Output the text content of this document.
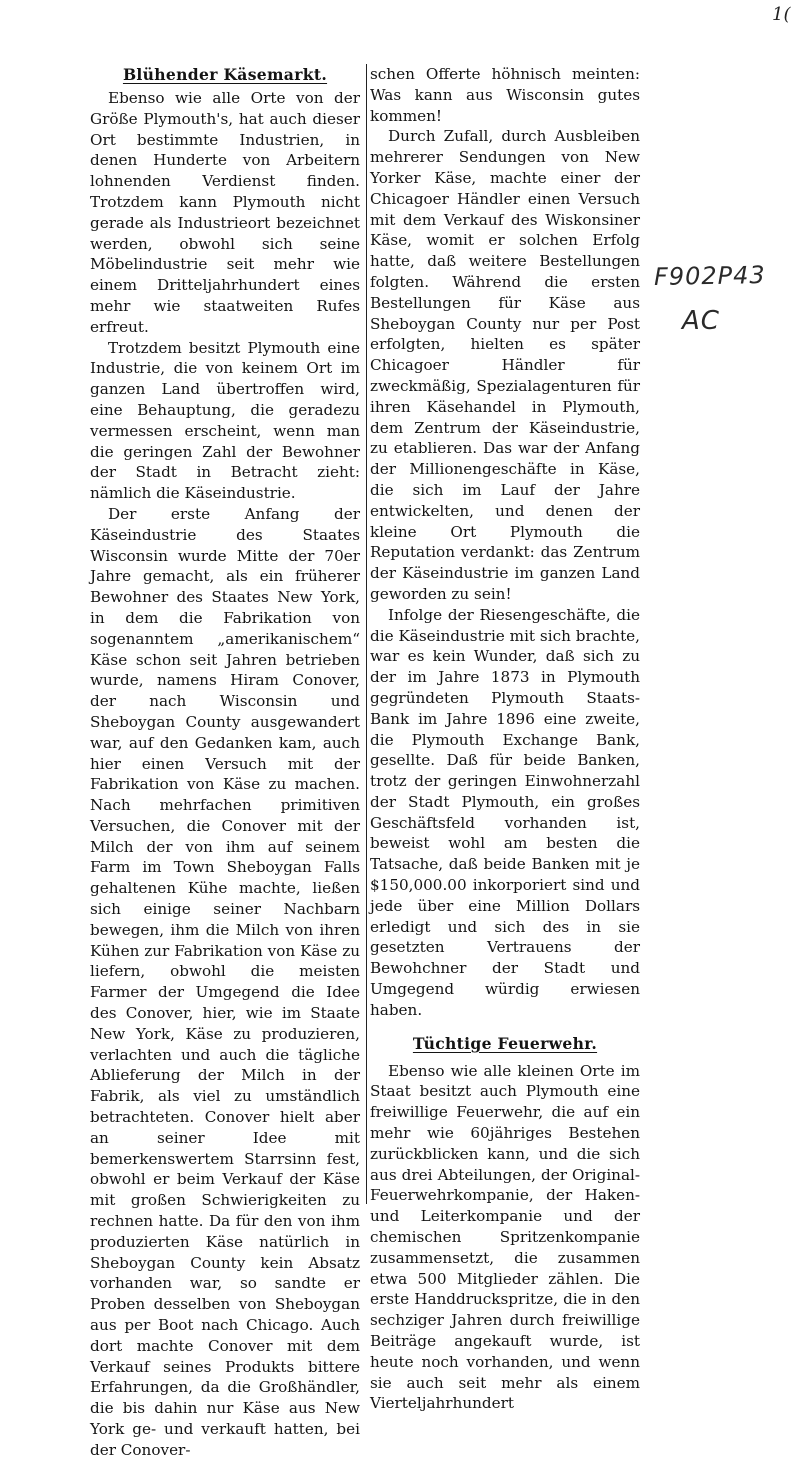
1(
Blühender Käsemarkt.

Ebenso wie alle Orte von der Größe Plymouth's, hat auch dieser Ort bestimmte Industrien, in denen Hunderte von Arbeitern lohnenden Verdienst finden. Trotzdem kann Plymouth nicht gerade als Industrieort bezeichnet werden, obwohl sich seine Möbelindustrie seit mehr wie einem Dritteljahrhundert eines mehr wie staatweiten Rufes erfreut.

Trotzdem besitzt Plymouth eine Industrie, die von keinem Ort im ganzen Land übertroffen wird, eine Behauptung, die geradezu vermessen erscheint, wenn man die geringen Zahl der Bewohner der Stadt in Betracht zieht: nämlich die Käseindustrie.

Der erste Anfang der Käseindustrie des Staates Wisconsin wurde Mitte der 70er Jahre gemacht, als ein früherer Bewohner des Staates New York, in dem die Fabrikation von sogenanntem „amerikanischem“ Käse schon seit Jahren betrieben wurde, namens Hiram Conover, der nach Wisconsin und Sheboygan County ausgewandert war, auf den Gedanken kam, auch hier einen Versuch mit der Fabrikation von Käse zu machen. Nach mehrfachen primitiven Versuchen, die Conover mit der Milch der von ihm auf seinem Farm im Town Sheboygan Falls gehaltenen Kühe machte, ließen sich einige seiner Nachbarn bewegen, ihm die Milch von ihren Kühen zur Fabrikation von Käse zu liefern, obwohl die meisten Farmer der Umgegend die Idee des Conover, hier, wie im Staate New York, Käse zu produzieren, verlachten und auch die tägliche Ablieferung der Milch in der Fabrik, als viel zu umständlich betrachteten. Conover hielt aber an seiner Idee mit bemerkenswertem Starrsinn fest, obwohl er beim Verkauf der Käse mit großen Schwierigkeiten zu rechnen hatte. Da für den von ihm produzierten Käse natürlich in Sheboygan County kein Absatz vorhanden war, so sandte er Proben desselben von Sheboygan aus per Boot nach Chicago. Auch dort machte Conover mit dem Verkauf seines Produkts bittere Erfahrungen, da die Großhändler, die bis dahin nur Käse aus New York ge- und verkauft hatten, bei der Conover-

schen Offerte höhnisch meinten: Was kann aus Wisconsin gutes kommen!

Durch Zufall, durch Ausbleiben mehrerer Sendungen von New Yorker Käse, machte einer der Chicagoer Händler einen Versuch mit dem Verkauf des Wiskonsiner Käse, womit er solchen Erfolg hatte, daß weitere Bestellungen folgten. Während die ersten Bestellungen für Käse aus Sheboygan County nur per Post erfolgten, hielten es später Chicagoer Händler für zweckmäßig, Spezialagenturen für ihren Käsehandel in Plymouth, dem Zentrum der Käseindustrie, zu etablieren. Das war der Anfang der Millionengeschäfte in Käse, die sich im Lauf der Jahre entwickelten, und denen der kleine Ort Plymouth die Reputation verdankt: das Zentrum der Käseindustrie im ganzen Land geworden zu sein!

Infolge der Riesengeschäfte, die die Käseindustrie mit sich brachte, war es kein Wunder, daß sich zu der im Jahre 1873 in Plymouth gegründeten Plymouth Staats-Bank im Jahre 1896 eine zweite, die Plymouth Exchange Bank, gesellte. Daß für beide Banken, trotz der geringen Einwohnerzahl der Stadt Plymouth, ein großes Geschäftsfeld vorhanden ist, beweist wohl am besten die Tatsache, daß beide Banken mit je $150,000.00 inkorporiert sind und jede über eine Million Dollars erledigt und sich des in sie gesetzten Vertrauens der Bewohchner der Stadt und Umgegend würdig erwiesen haben.

Tüchtige Feuerwehr.

Ebenso wie alle kleinen Orte im Staat besitzt auch Plymouth eine freiwillige Feuerwehr, die auf ein mehr wie 60jähriges Bestehen zurückblicken kann, und die sich aus drei Abteilungen, der Original-Feuerwehrkompanie, der Haken- und Leiterkompanie und der chemischen Spritzenkompanie zusammensetzt, die zusammen etwa 500 Mitglieder zählen. Die erste Handdruckspritze, die in den sechziger Jahren durch freiwillige Beiträge angekauft wurde, ist heute noch vorhanden, und wenn sie auch seit mehr als einem Vierteljahrhundert

F902P43
AC
